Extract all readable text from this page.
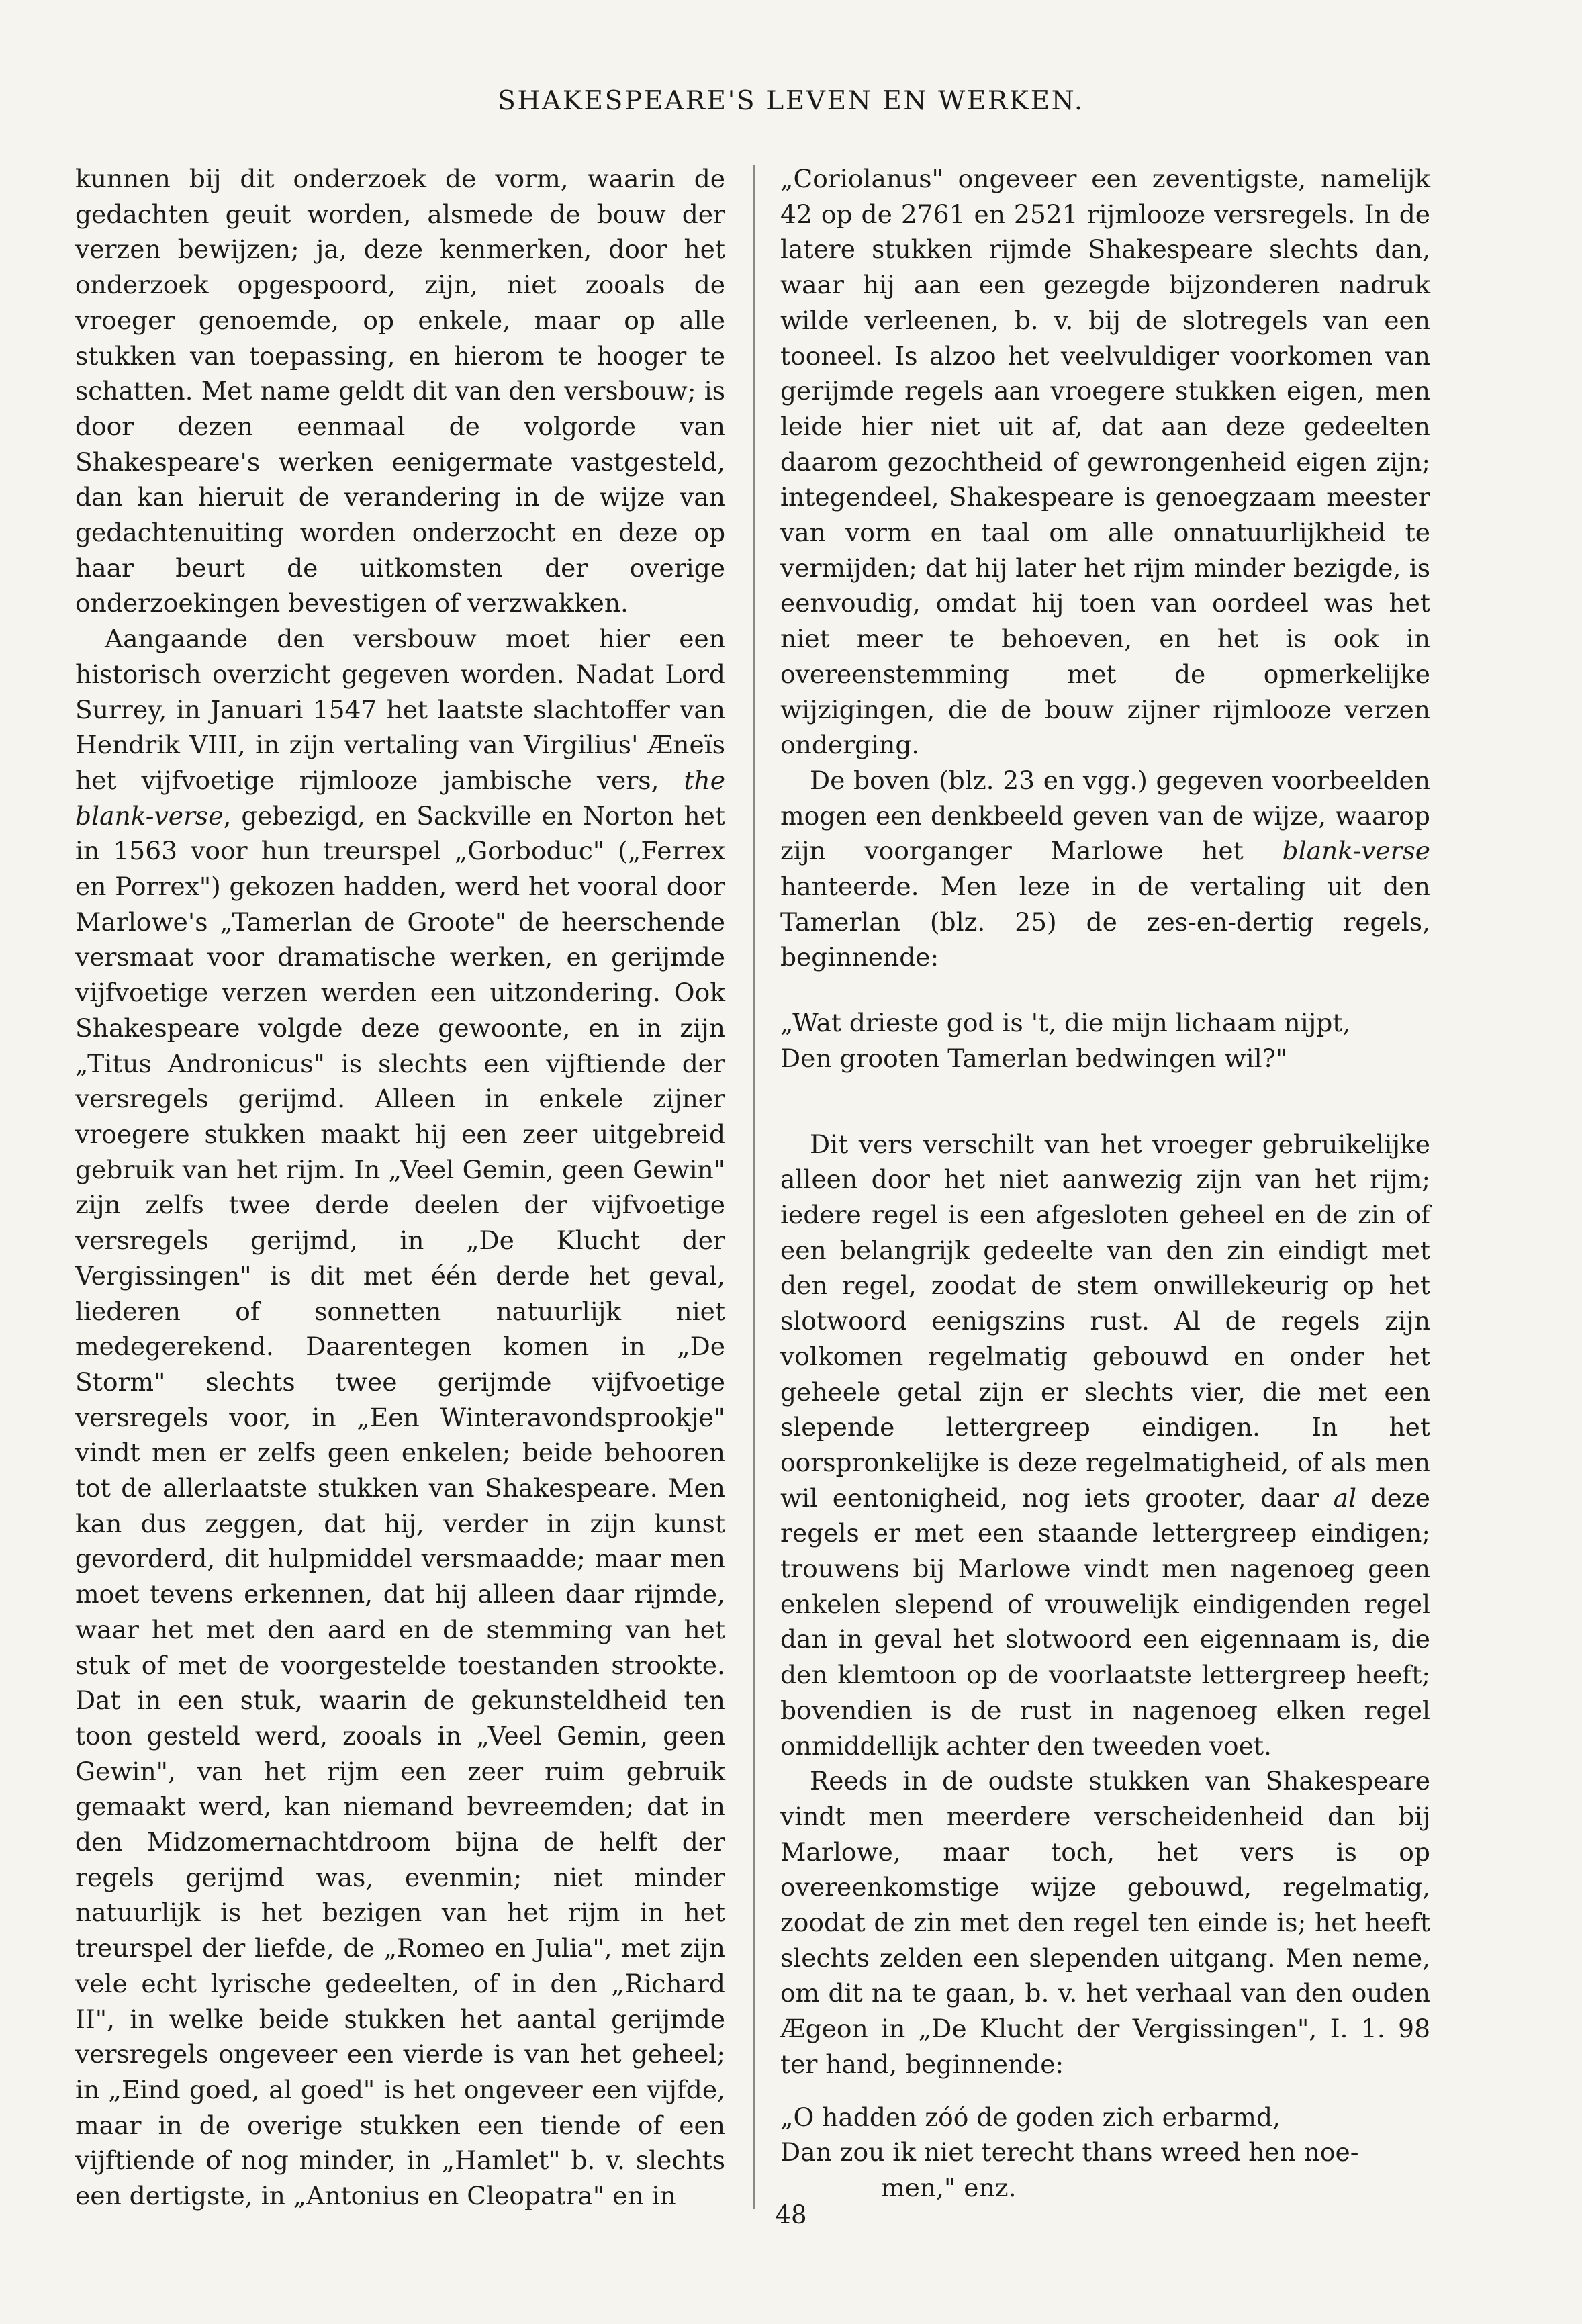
SHAKESPEARE'S LEVEN EN WERKEN.

kunnen bij dit onderzoek de vorm, waarin de gedachten geuit worden, alsmede de bouw der verzen bewijzen; ja, deze kenmerken, door het onderzoek opgespoord, zijn, niet zooals de vroeger genoemde, op enkele, maar op alle stukken van toepassing, en hierom te hooger te schatten. Met name geldt dit van den versbouw; is door dezen eenmaal de volgorde van Shakespeare's werken eenigermate vastgesteld, dan kan hieruit de verandering in de wijze van gedachtenuiting worden onderzocht en deze op haar beurt de uitkomsten der overige onderzoekingen bevestigen of verzwakken.

Aangaande den versbouw moet hier een historisch overzicht gegeven worden. Nadat Lord Surrey, in Januari 1547 het laatste slachtoffer van Hendrik VIII, in zijn vertaling van Virgilius' Æneïs het vijfvoetige rijmlooze jambische vers, the blank-verse, gebezigd, en Sackville en Norton het in 1563 voor hun treurspel „Gorboduc" („Ferrex en Porrex") gekozen hadden, werd het vooral door Marlowe's „Tamerlan de Groote" de heerschende versmaat voor dramatische werken, en gerijmde vijfvoetige verzen werden een uitzondering. Ook Shakespeare volgde deze gewoonte, en in zijn „Titus Andronicus" is slechts een vijftiende der versregels gerijmd. Alleen in enkele zijner vroegere stukken maakt hij een zeer uitgebreid gebruik van het rijm. In „Veel Gemin, geen Gewin" zijn zelfs twee derde deelen der vijfvoetige versregels gerijmd, in „De Klucht der Vergissingen" is dit met één derde het geval, liederen of sonnetten natuurlijk niet medegerekend. Daarentegen komen in „De Storm" slechts twee gerijmde vijfvoetige versregels voor, in „Een Winteravondsprookje" vindt men er zelfs geen enkelen; beide behooren tot de allerlaatste stukken van Shakespeare. Men kan dus zeggen, dat hij, verder in zijn kunst gevorderd, dit hulpmiddel versmaadde; maar men moet tevens erkennen, dat hij alleen daar rijmde, waar het met den aard en de stemming van het stuk of met de voorgestelde toestanden strookte. Dat in een stuk, waarin de gekunsteldheid ten toon gesteld werd, zooals in „Veel Gemin, geen Gewin", van het rijm een zeer ruim gebruik gemaakt werd, kan niemand bevreemden; dat in den Midzomernachtdroom bijna de helft der regels gerijmd was, evenmin; niet minder natuurlijk is het bezigen van het rijm in het treurspel der liefde, de „Romeo en Julia", met zijn vele echt lyrische gedeelten, of in den „Richard II", in welke beide stukken het aantal gerijmde versregels ongeveer een vierde is van het geheel; in „Eind goed, al goed" is het ongeveer een vijfde, maar in de overige stukken een tiende of een vijftiende of nog minder, in „Hamlet" b. v. slechts een dertigste, in „Antonius en Cleopatra" en in

„Coriolanus" ongeveer een zeventigste, namelijk 42 op de 2761 en 2521 rijmlooze versregels. In de latere stukken rijmde Shakespeare slechts dan, waar hij aan een gezegde bijzonderen nadruk wilde verleenen, b. v. bij de slotregels van een tooneel. Is alzoo het veelvuldiger voorkomen van gerijmde regels aan vroegere stukken eigen, men leide hier niet uit af, dat aan deze gedeelten daarom gezochtheid of gewrongenheid eigen zijn; integendeel, Shakespeare is genoegzaam meester van vorm en taal om alle onnatuurlijkheid te vermijden; dat hij later het rijm minder bezigde, is eenvoudig, omdat hij toen van oordeel was het niet meer te behoeven, en het is ook in overeenstemming met de opmerkelijke wijzigingen, die de bouw zijner rijmlooze verzen onderging.

De boven (blz. 23 en vgg.) gegeven voorbeelden mogen een denkbeeld geven van de wijze, waarop zijn voorganger Marlowe het blank-verse hanteerde. Men leze in de vertaling uit den Tamerlan (blz. 25) de zes-en-dertig regels, beginnende:

„Wat drieste god is 't, die mijn lichaam nijpt,
Den grooten Tamerlan bedwingen wil?"

Dit vers verschilt van het vroeger gebruikelijke alleen door het niet aanwezig zijn van het rijm; iedere regel is een afgesloten geheel en de zin of een belangrijk gedeelte van den zin eindigt met den regel, zoodat de stem onwillekeurig op het slotwoord eenigszins rust. Al de regels zijn volkomen regelmatig gebouwd en onder het geheele getal zijn er slechts vier, die met een slepende lettergreep eindigen. In het oorspronkelijke is deze regelmatigheid, of als men wil eentonigheid, nog iets grooter, daar al deze regels er met een staande lettergreep eindigen; trouwens bij Marlowe vindt men nagenoeg geen enkelen slepend of vrouwelijk eindigenden regel dan in geval het slotwoord een eigennaam is, die den klemtoon op de voorlaatste lettergreep heeft; bovendien is de rust in nagenoeg elken regel onmiddellijk achter den tweeden voet.

Reeds in de oudste stukken van Shakespeare vindt men meerdere verscheidenheid dan bij Marlowe, maar toch, het vers is op overeenkomstige wijze gebouwd, regelmatig, zoodat de zin met den regel ten einde is; het heeft slechts zelden een slependen uitgang. Men neme, om dit na te gaan, b. v. het verhaal van den ouden Ægeon in „De Klucht der Vergissingen", I. 1. 98 ter hand, beginnende:

„O hadden zóó de goden zich erbarmd,
Dan zou ik niet terecht thans wreed hen noe-
men," enz.
48
